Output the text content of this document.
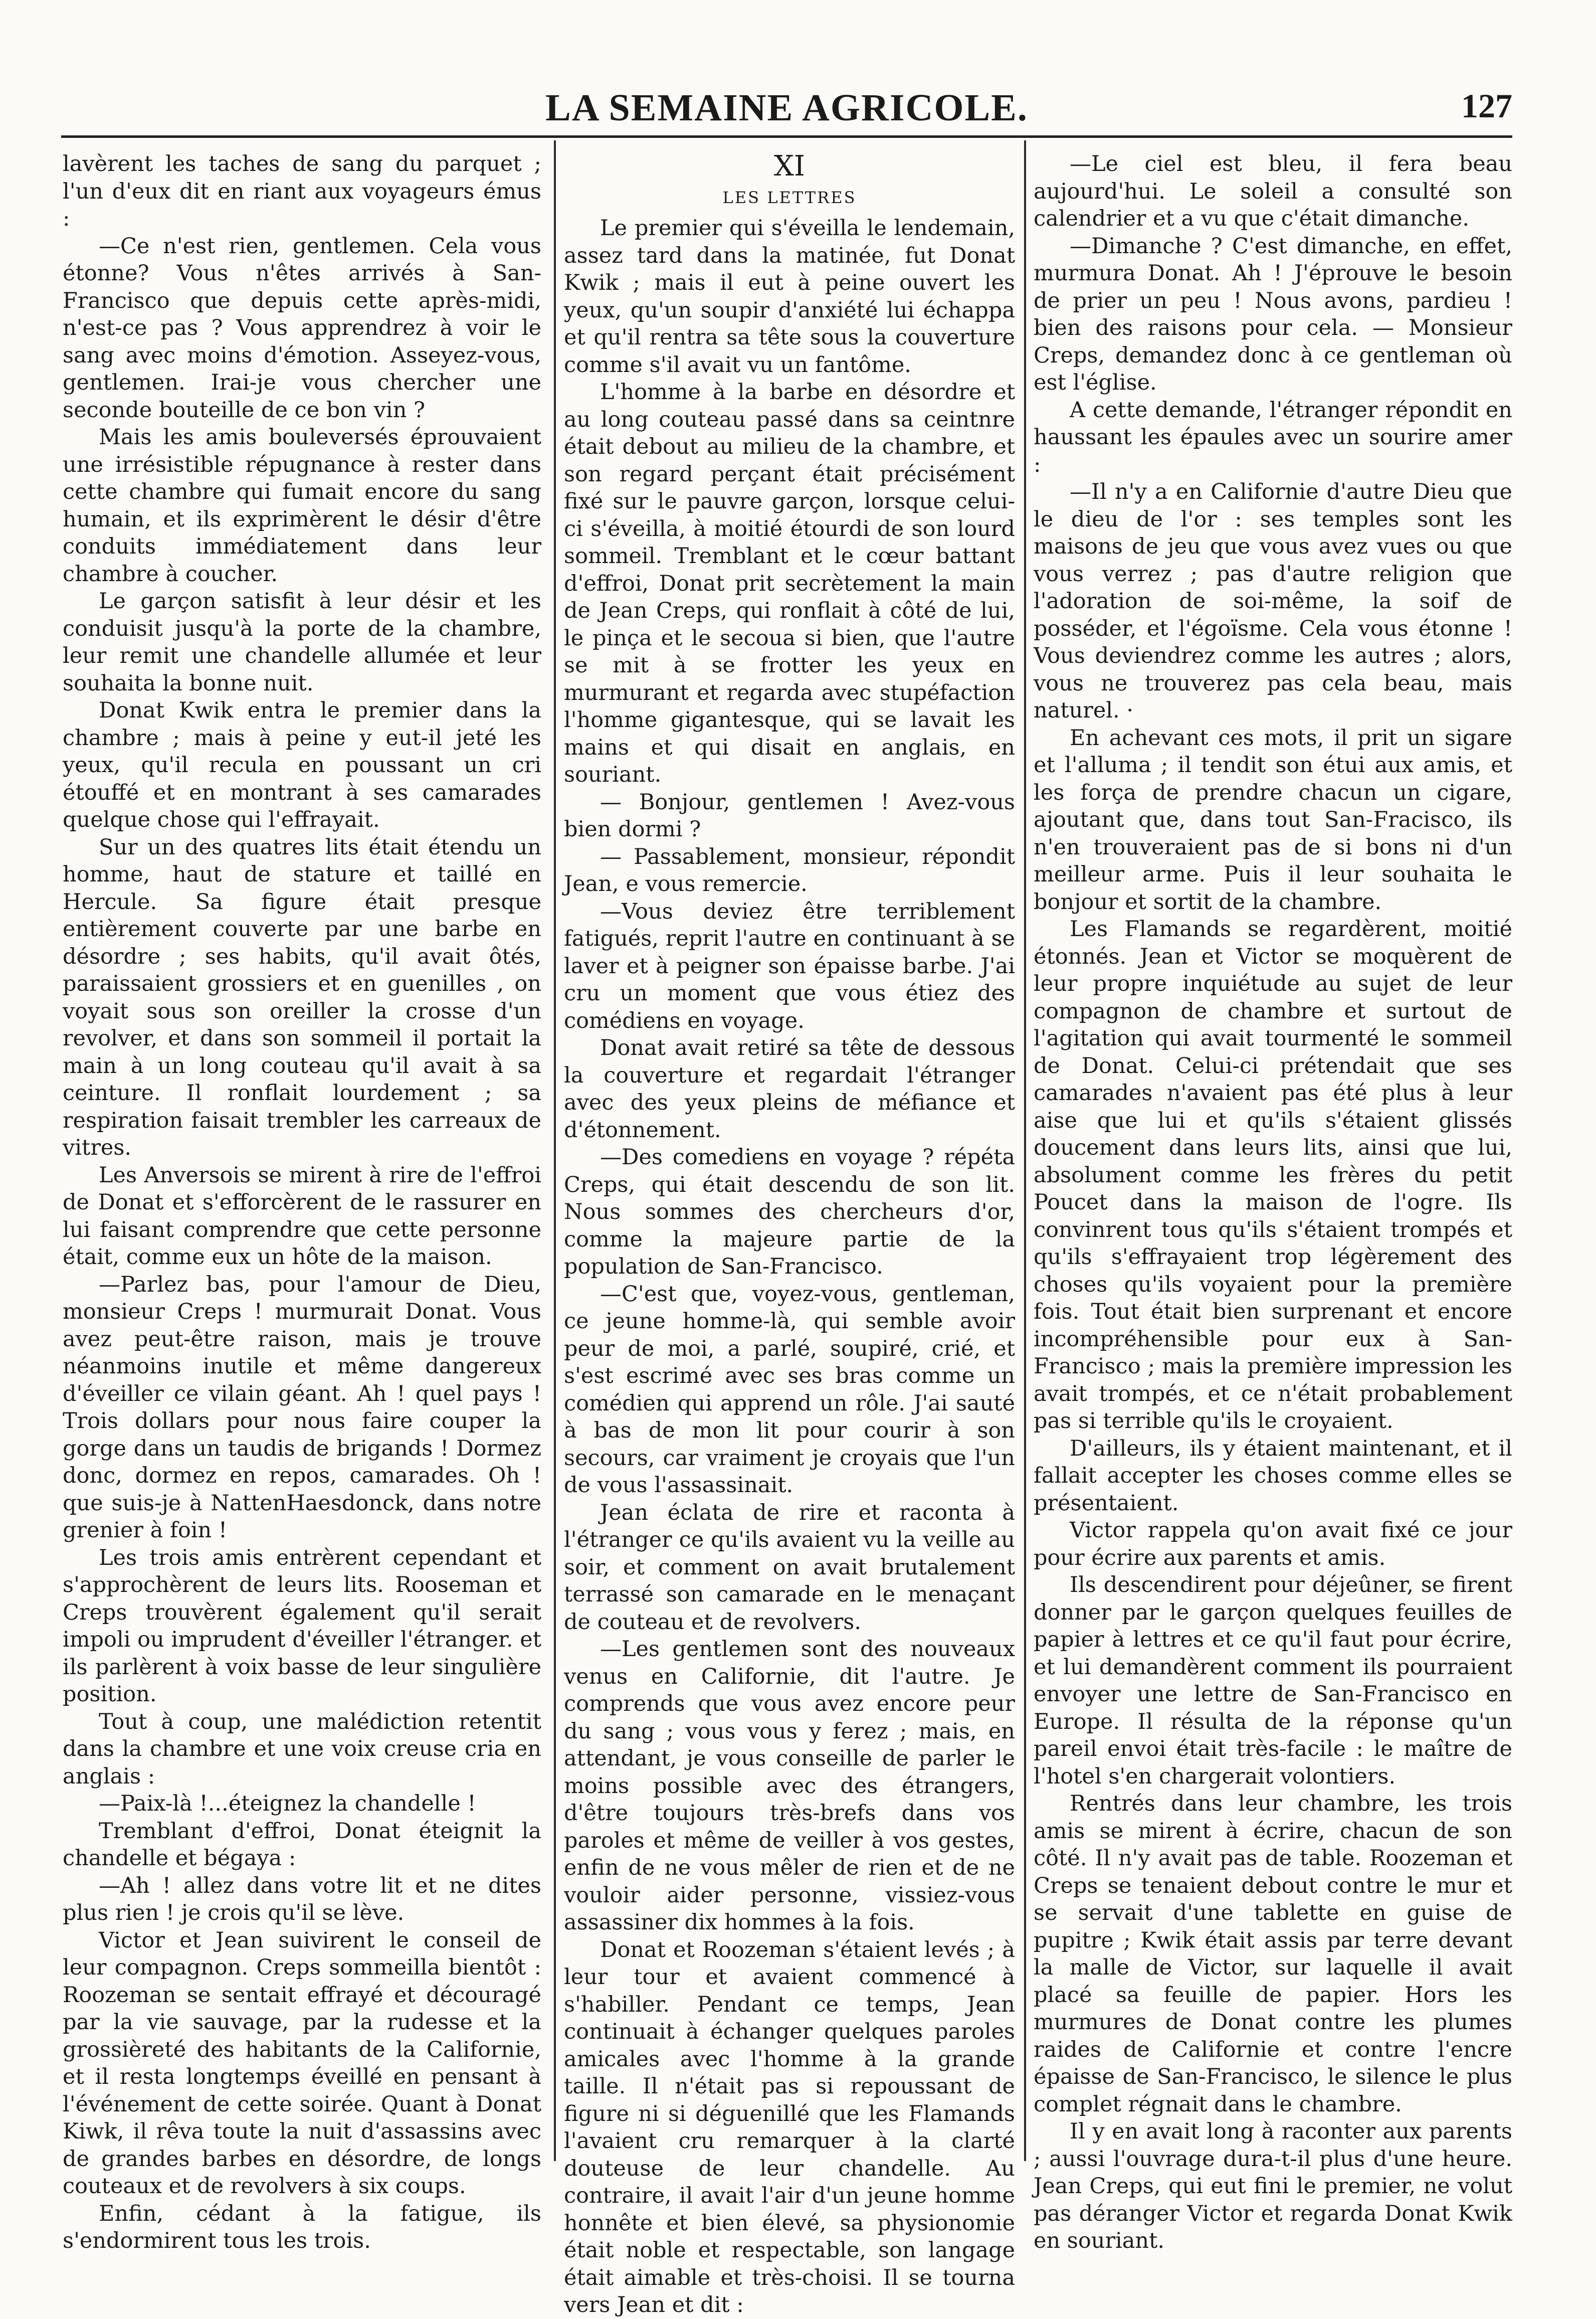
LA SEMAINE AGRICOLE.	127

lavèrent les taches de sang du parquet ; l'un d'eux dit en riant aux voyageurs émus :

—Ce n'est rien, gentlemen. Cela vous étonne? Vous n'êtes arrivés à San-Francisco que depuis cette après-midi, n'est-ce pas ? Vous apprendrez à voir le sang avec moins d'émotion. Asseyez-vous, gentlemen. Irai-je vous chercher une seconde bouteille de ce bon vin ?

Mais les amis bouleversés éprouvaient une irrésistible répugnance à rester dans cette chambre qui fumait encore du sang humain, et ils exprimèrent le désir d'être conduits immédiatement dans leur chambre à coucher.

Le garçon satisfit à leur désir et les conduisit jusqu'à la porte de la chambre, leur remit une chandelle allumée et leur souhaita la bonne nuit.

Donat Kwik entra le premier dans la chambre ; mais à peine y eut-il jeté les yeux, qu'il recula en poussant un cri étouffé et en montrant à ses camarades quelque chose qui l'effrayait.

Sur un des quatres lits était étendu un homme, haut de stature et taillé en Hercule. Sa figure était presque entièrement couverte par une barbe en désordre ; ses habits, qu'il avait ôtés, paraissaient grossiers et en guenilles , on voyait sous son oreiller la crosse d'un revolver, et dans son sommeil il portait la main à un long couteau qu'il avait à sa ceinture. Il ronflait lourdement ; sa respiration faisait trembler les carreaux de vitres.

Les Anversois se mirent à rire de l'effroi de Donat et s'efforcèrent de le rassurer en lui faisant comprendre que cette personne était, comme eux un hôte de la maison.

—Parlez bas, pour l'amour de Dieu, monsieur Creps ! murmurait Donat. Vous avez peut-être raison, mais je trouve néanmoins inutile et même dangereux d'éveiller ce vilain géant. Ah ! quel pays ! Trois dollars pour nous faire couper la gorge dans un taudis de brigands ! Dormez donc, dormez en repos, camarades. Oh ! que suis-je à NattenHaesdonck, dans notre grenier à foin !

Les trois amis entrèrent cependant et s'approchèrent de leurs lits. Rooseman et Creps trouvèrent également qu'il serait impoli ou imprudent d'éveiller l'étranger. et ils parlèrent à voix basse de leur singulière position.

Tout à coup, une malédiction retentit dans la chambre et une voix creuse cria en anglais :

—Paix-là !...éteignez la chandelle !

Tremblant d'effroi, Donat éteignit la chandelle et bégaya :

—Ah ! allez dans votre lit et ne dites plus rien ! je crois qu'il se lève.

Victor et Jean suivirent le conseil de leur compagnon. Creps sommeilla bientôt : Roozeman se sentait effrayé et découragé par la vie sauvage, par la rudesse et la grossièreté des habitants de la Californie, et il resta longtemps éveillé en pensant à l'événement de cette soirée. Quant à Donat Kiwk, il rêva toute la nuit d'assassins avec de grandes barbes en désordre, de longs couteaux et de revolvers à six coups.

Enfin, cédant à la fatigue, ils s'endormirent tous les trois.

XI
LES LETTRES

Le premier qui s'éveilla le lendemain, assez tard dans la matinée, fut Donat Kwik ; mais il eut à peine ouvert les yeux, qu'un soupir d'anxiété lui échappa et qu'il rentra sa tête sous la couverture comme s'il avait vu un fantôme.

L'homme à la barbe en désordre et au long couteau passé dans sa ceintnre était debout au milieu de la chambre, et son regard perçant était précisément fixé sur le pauvre garçon, lorsque celui-ci s'éveilla, à moitié étourdi de son lourd sommeil. Tremblant et le cœur battant d'effroi, Donat prit secrètement la main de Jean Creps, qui ronflait à côté de lui, le pinça et le secoua si bien, que l'autre se mit à se frotter les yeux en murmurant et regarda avec stupéfaction l'homme gigantesque, qui se lavait les mains et qui disait en anglais, en souriant.

— Bonjour, gentlemen ! Avez-vous bien dormi ?

— Passablement, monsieur, répondit Jean, e vous remercie.

—Vous deviez être terriblement fatigués, reprit l'autre en continuant à se laver et à peigner son épaisse barbe. J'ai cru un moment que vous étiez des comédiens en voyage.

Donat avait retiré sa tête de dessous la couverture et regardait l'étranger avec des yeux pleins de méfiance et d'étonnement.

—Des comediens en voyage ? répéta Creps, qui était descendu de son lit. Nous sommes des chercheurs d'or, comme la majeure partie de la population de San-Francisco.

—C'est que, voyez-vous, gentleman, ce jeune homme-là, qui semble avoir peur de moi, a parlé, soupiré, crié, et s'est escrimé avec ses bras comme un comédien qui apprend un rôle. J'ai sauté à bas de mon lit pour courir à son secours, car vraiment je croyais que l'un de vous l'assassinait.

Jean éclata de rire et raconta à l'étranger ce qu'ils avaient vu la veille au soir, et comment on avait brutalement terrassé son camarade en le menaçant de couteau et de revolvers.

—Les gentlemen sont des nouveaux venus en Californie, dit l'autre. Je comprends que vous avez encore peur du sang ; vous vous y ferez ; mais, en attendant, je vous conseille de parler le moins possible avec des étrangers, d'être toujours très-brefs dans vos paroles et même de veiller à vos gestes, enfin de ne vous mêler de rien et de ne vouloir aider personne, vissiez-vous assassiner dix hommes à la fois.

Donat et Roozeman s'étaient levés ; à leur tour et avaient commencé à s'habiller. Pendant ce temps, Jean continuait à échanger quelques paroles amicales avec l'homme à la grande taille. Il n'était pas si repoussant de figure ni si déguenillé que les Flamands l'avaient cru remarquer à la clarté douteuse de leur chandelle. Au contraire, il avait l'air d'un jeune homme honnête et bien élevé, sa physionomie était noble et respectable, son langage était aimable et très-choisi. Il se tourna vers Jean et dit :

—Le ciel est bleu, il fera beau aujourd'hui. Le soleil a consulté son calendrier et a vu que c'était dimanche.

—Dimanche ? C'est dimanche, en effet, murmura Donat. Ah ! J'éprouve le besoin de prier un peu ! Nous avons, pardieu ! bien des raisons pour cela. — Monsieur Creps, demandez donc à ce gentleman où est l'église.

A cette demande, l'étranger répondit en haussant les épaules avec un sourire amer :

—Il n'y a en Californie d'autre Dieu que le dieu de l'or : ses temples sont les maisons de jeu que vous avez vues ou que vous verrez ; pas d'autre religion que l'adoration de soi-même, la soif de posséder, et l'égoïsme. Cela vous étonne ! Vous deviendrez comme les autres ; alors, vous ne trouverez pas cela beau, mais naturel. ·

En achevant ces mots, il prit un sigare et l'alluma ; il tendit son étui aux amis, et les força de prendre chacun un cigare, ajoutant que, dans tout San-Fracisco, ils n'en trouveraient pas de si bons ni d'un meilleur arme. Puis il leur souhaita le bonjour et sortit de la chambre.

Les Flamands se regardèrent, moitié étonnés. Jean et Victor se moquèrent de leur propre inquiétude au sujet de leur compagnon de chambre et surtout de l'agitation qui avait tourmenté le sommeil de Donat. Celui-ci prétendait que ses camarades n'avaient pas été plus à leur aise que lui et qu'ils s'étaient glissés doucement dans leurs lits, ainsi que lui, absolument comme les frères du petit Poucet dans la maison de l'ogre. Ils convinrent tous qu'ils s'étaient trompés et qu'ils s'effrayaient trop légèrement des choses qu'ils voyaient pour la première fois. Tout était bien surprenant et encore incompréhensible pour eux à San-Francisco ; mais la première impression les avait trompés, et ce n'était probablement pas si terrible qu'ils le croyaient.

D'ailleurs, ils y étaient maintenant, et il fallait accepter les choses comme elles se présentaient.

Victor rappela qu'on avait fixé ce jour pour écrire aux parents et amis.

Ils descendirent pour déjeûner, se firent donner par le garçon quelques feuilles de papier à lettres et ce qu'il faut pour écrire, et lui demandèrent comment ils pourraient envoyer une lettre de San-Francisco en Europe. Il résulta de la réponse qu'un pareil envoi était très-facile : le maître de l'hotel s'en chargerait volontiers.

Rentrés dans leur chambre, les trois amis se mirent à écrire, chacun de son côté. Il n'y avait pas de table. Roozeman et Creps se tenaient debout contre le mur et se servait d'une tablette en guise de pupitre ; Kwik était assis par terre devant la malle de Victor, sur laquelle il avait placé sa feuille de papier. Hors les murmures de Donat contre les plumes raides de Californie et contre l'encre épaisse de San-Francisco, le silence le plus complet régnait dans le chambre.

Il y en avait long à raconter aux parents ; aussi l'ouvrage dura-t-il plus d'une heure. Jean Creps, qui eut fini le premier, ne volut pas déranger Victor et regarda Donat Kwik en souriant.
